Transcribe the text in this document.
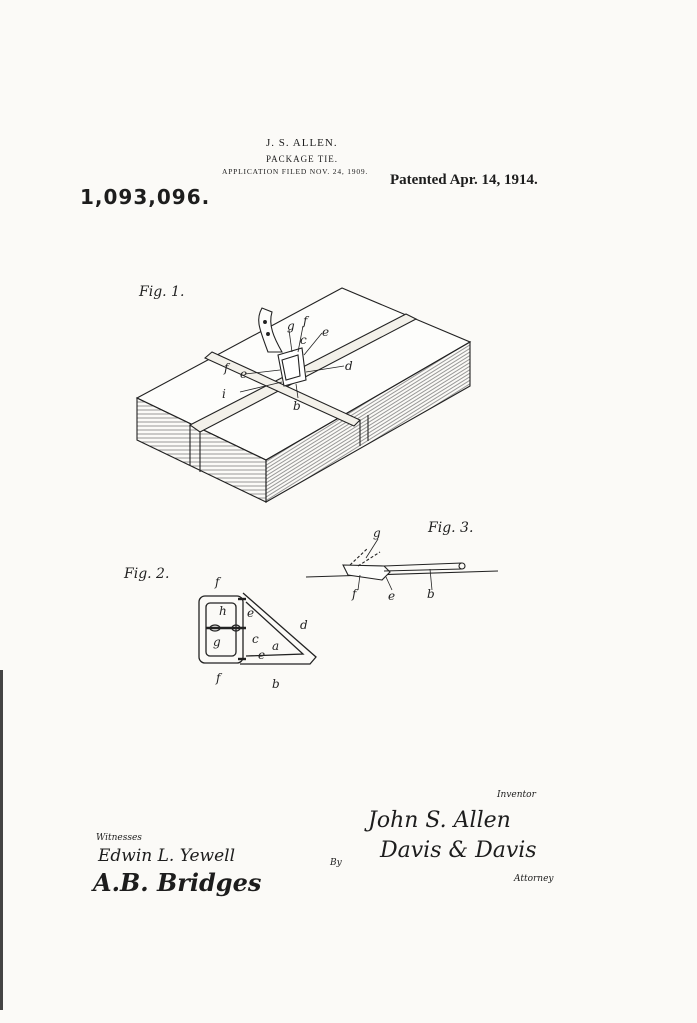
J. S. ALLEN.
PACKAGE TIE.
APPLICATION FILED NOV. 24, 1909.
1,093,096.
Patented Apr. 14, 1914.
Fig. 1.
g f
c
e
f e
d
i
b
Fig. 2.	f
h e
g	c a
e
d
f	b
Fig. 3.
g
f	e	b
Inventor
John S. Allen
Davis & Davis
By
Attorney
Witnesses
Edwin L. Yewell
A.B. Bridges
